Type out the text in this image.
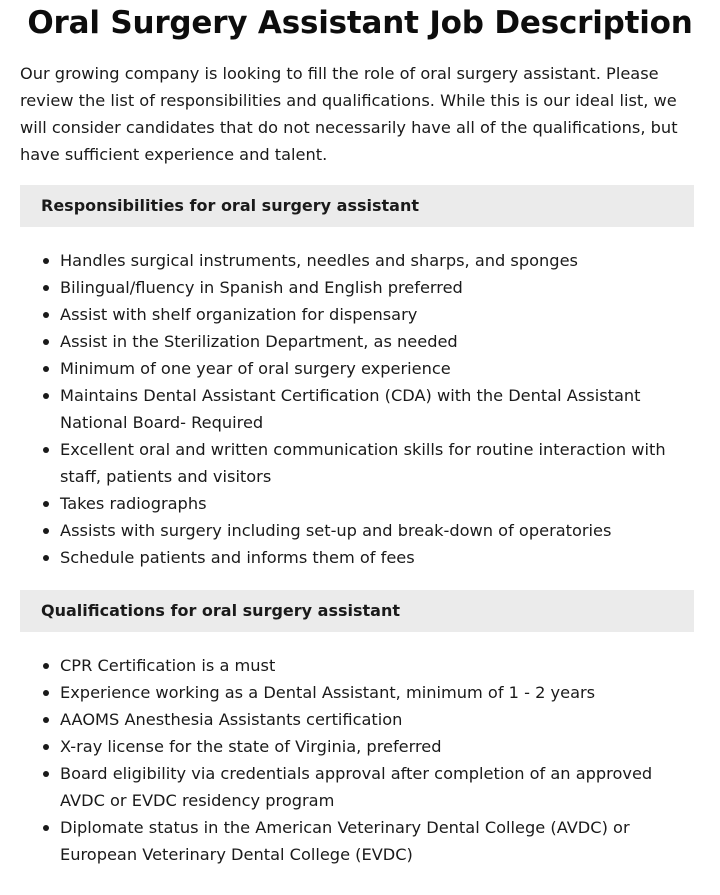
Oral Surgery Assistant Job Description

Our growing company is looking to fill the role of oral surgery assistant. Please review the list of responsibilities and qualifications. While this is our ideal list, we will consider candidates that do not necessarily have all of the qualifications, but have sufficient experience and talent.

Responsibilities for oral surgery assistant
Handles surgical instruments, needles and sharps, and sponges
Bilingual/fluency in Spanish and English preferred
Assist with shelf organization for dispensary
Assist in the Sterilization Department, as needed
Minimum of one year of oral surgery experience
Maintains Dental Assistant Certification (CDA) with the Dental Assistant National Board- Required
Excellent oral and written communication skills for routine interaction with staff, patients and visitors
Takes radiographs
Assists with surgery including set-up and break-down of operatories
Schedule patients and informs them of fees
Qualifications for oral surgery assistant
CPR Certification is a must
Experience working as a Dental Assistant, minimum of 1 - 2 years
AAOMS Anesthesia Assistants certification
X-ray license for the state of Virginia, preferred
Board eligibility via credentials approval after completion of an approved AVDC or EVDC residency program
Diplomate status in the American Veterinary Dental College (AVDC) or European Veterinary Dental College (EVDC)
